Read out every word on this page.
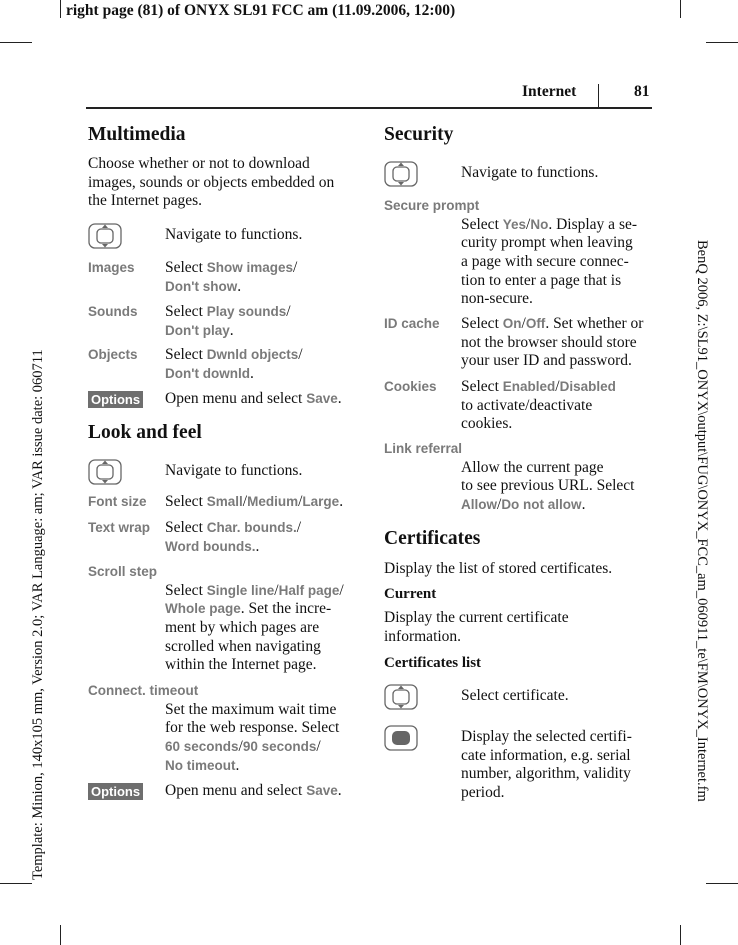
right page (81) of ONYX SL91 FCC am (11.09.2006, 12:00)
Internet	81
Template: Minion, 140x105 mm, Version 2.0; VAR Language: am; VAR issue date: 060711	BenQ 2006, Z:\SL91_ONYX\output\FUG\ONYX_FCC_am_060911_te\FM\ONYX_Internet.fm
Multimedia
Choose whether or not to download
images, sounds or objects embedded on
the Internet pages.
Look and feel
Security
Certificates
Display the list of stored certificates.
Current
Display the current certificate
information.
Certificates list
Navigate to functions.
Images Select Show images/
Don't show.
Sounds Select Play sounds/
Don't play.
Objects Select Dwnld objects/
Don't downld.
Options Open menu and select Save.
Navigate to functions.
Font size Select Small/Medium/Large.
Text wrap Select Char. bounds./
Word bounds..
Scroll step
Select Single line/Half page/
Whole page. Set the incre-
ment by which pages are
scrolled when navigating
within the Internet page.
Connect. timeout
Set the maximum wait time
for the web response. Select
60 seconds/90 seconds/
No timeout.
Options Open menu and select Save.
Navigate to functions.
Secure prompt
Select Yes/No. Display a se-
curity prompt when leaving
a page with secure connec-
tion to enter a page that is
non-secure.
ID cache Select On/Off. Set whether or
not the browser should store
your user ID and password.
Cookies Select Enabled/Disabled
to activate/deactivate
cookies.
Link referral
Allow the current page
to see previous URL. Select
Allow/Do not allow.
Select certificate.
Display the selected certifi-
cate information, e.g. serial
number, algorithm, validity
period.
